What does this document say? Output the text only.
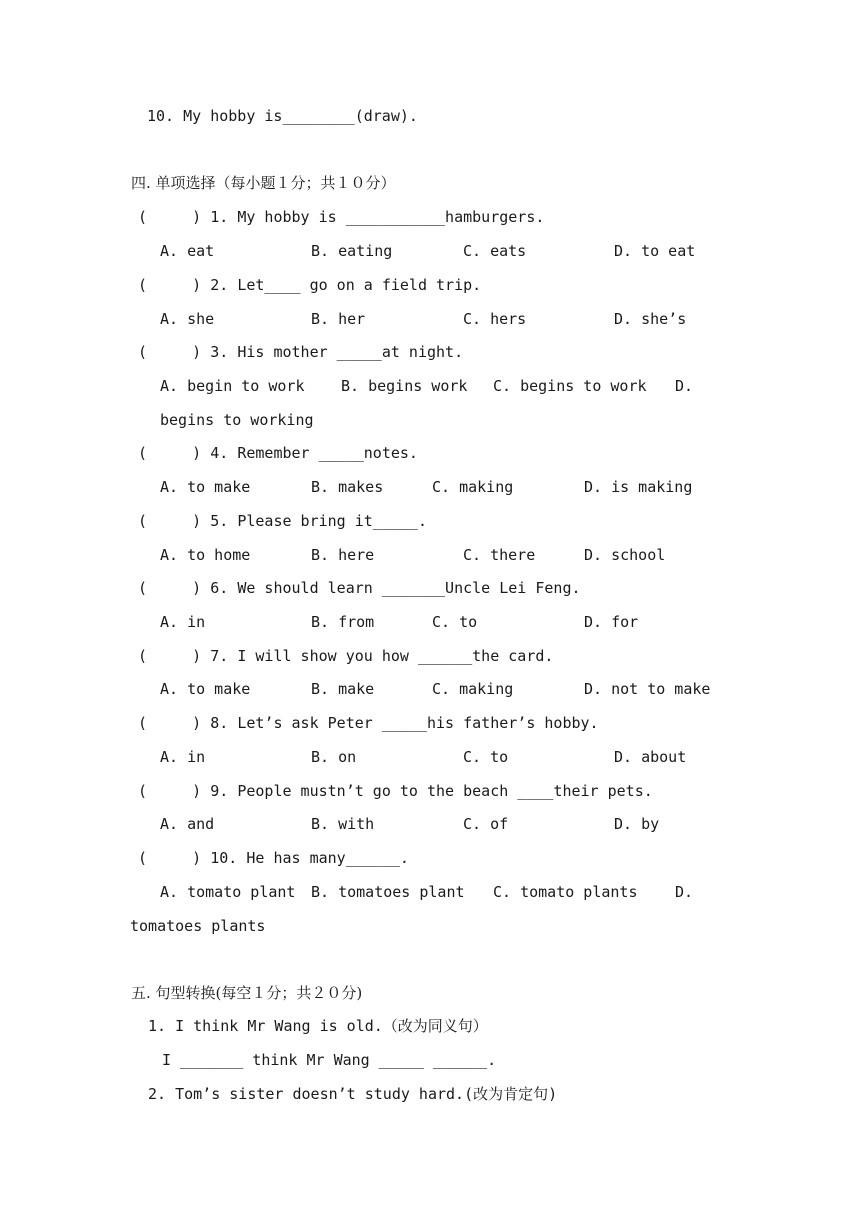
10. My hobby is________(draw).
四. 单项选择（每小题１分；共１０分）
(     ) 1. My hobby is ___________hamburgers.
A. eat	B. eating	C. eats	D. to eat
(     ) 2. Let____ go on a field trip.
A. she	B. her	C. hers	D. she’s
(     ) 3. His mother _____at night.
A. begin to work B. begins work C. begins to work D.
begins to working
(     ) 4. Remember _____notes.
A. to make	B. makes	C. making	D. is making
(     ) 5. Please bring it_____.
A. to home	B. here	C. there	D. school
(     ) 6. We should learn _______Uncle Lei Feng.
A. in	B. from	C. to	D. for
(     ) 7. I will show you how ______the card.
A. to make	B. make	C. making	D. not to make
(     ) 8. Let’s ask Peter _____his father’s hobby.
A. in	B. on	C. to	D. about
(     ) 9. People mustn’t go to the beach ____their pets.
A. and	B. with	C. of	D. by
(     ) 10. He has many______.
A. tomato plant B. tomatoes plant C. tomato plants	D.
tomatoes plants
五. 句型转换(每空１分；共２０分)
1. I think Mr Wang is old.（改为同义句）
I _______ think Mr Wang _____ ______.
2. Tom’s sister doesn’t study hard.(改为肯定句)
